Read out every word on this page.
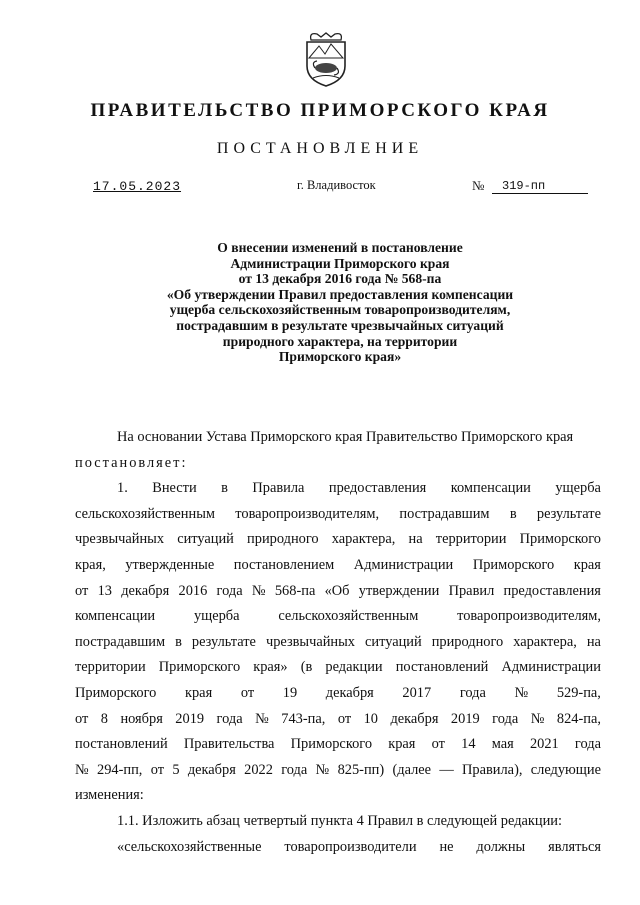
ПРАВИТЕЛЬСТВО ПРИМОРСКОГО КРАЯ
ПОСТАНОВЛЕНИЕ
17.05.2023	г. Владивосток	№	319-пп
О внесении изменений в постановление
Администрации Приморского края
от 13 декабря 2016 года № 568-па
«Об утверждении Правил предоставления компенсации
ущерба сельскохозяйственным товаропроизводителям,
пострадавшим в результате чрезвычайных ситуаций
природного характера, на территории
Приморского края»
На основании Устава Приморского края Правительство Приморского края
постановляет:
1. Внести в Правила предоставления компенсации ущерба
сельскохозяйственным товаропроизводителям, пострадавшим в результате
чрезвычайных ситуаций природного характера, на территории Приморского
края, утвержденные постановлением Администрации Приморского края
от 13 декабря 2016 года № 568-па «Об утверждении Правил предоставления
компенсации	ущерба	сельскохозяйственным	товаропроизводителям,
пострадавшим в результате чрезвычайных ситуаций природного характера, на
территории Приморского края» (в редакции постановлений Администрации
Приморского края от 19 декабря 2017 года № 529-па,
от 8 ноября 2019 года № 743-па, от 10 декабря 2019 года № 824-па,
постановлений Правительства Приморского края от 14 мая 2021 года
№ 294-пп, от 5 декабря 2022 года № 825-пп) (далее — Правила), следующие
изменения:
1.1. Изложить абзац четвертый пункта 4 Правил в следующей редакции:
«сельскохозяйственные товаропроизводители не должны являться
